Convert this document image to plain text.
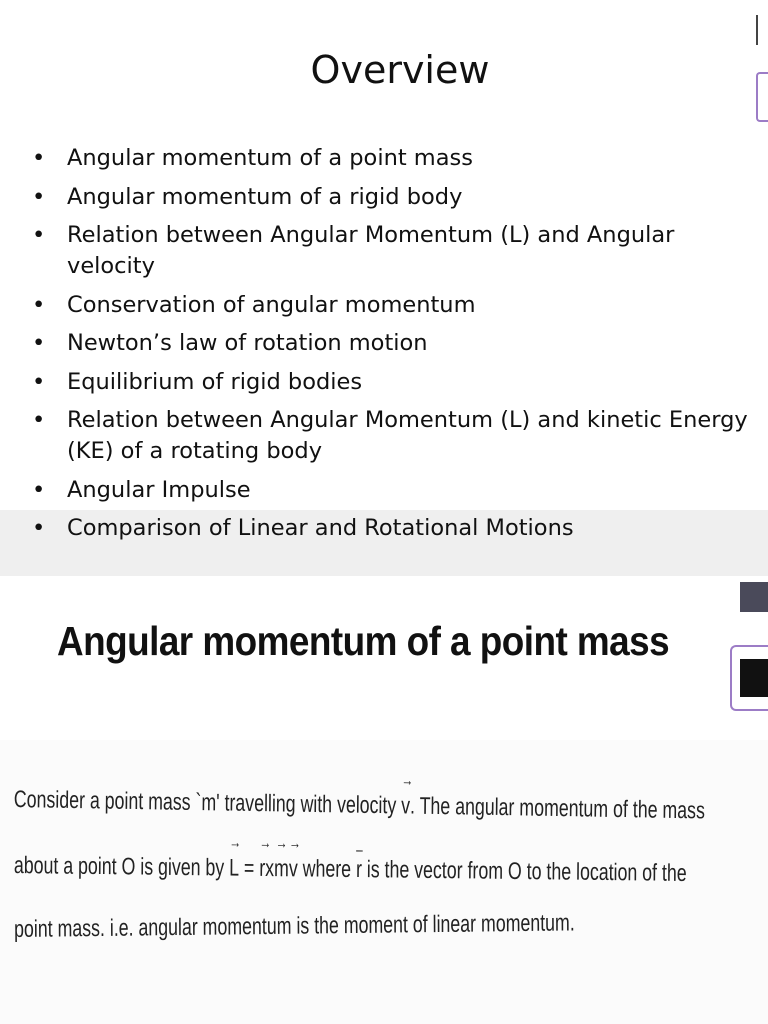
Overview
• Angular momentum of a point mass
• Angular momentum of a rigid body
• Relation between Angular Momentum (L) and Angular velocity
• Conservation of angular momentum
• Newton’s law of rotation motion
• Equilibrium of rigid bodies
• Relation between Angular Momentum (L) and kinetic Energy (KE) of a rotating body
• Angular Impulse
• Comparison of Linear and Rotational Motions
Angular momentum of a point mass
Consider a point mass `m' travelling with velocity
→
v. The angular momentum of the mass
about a point O is given by
→
L =
→
rx
→
m
→
v where
–
r is the vector from O to the location of the
point mass. i.e. angular momentum is the moment of linear momentum.
